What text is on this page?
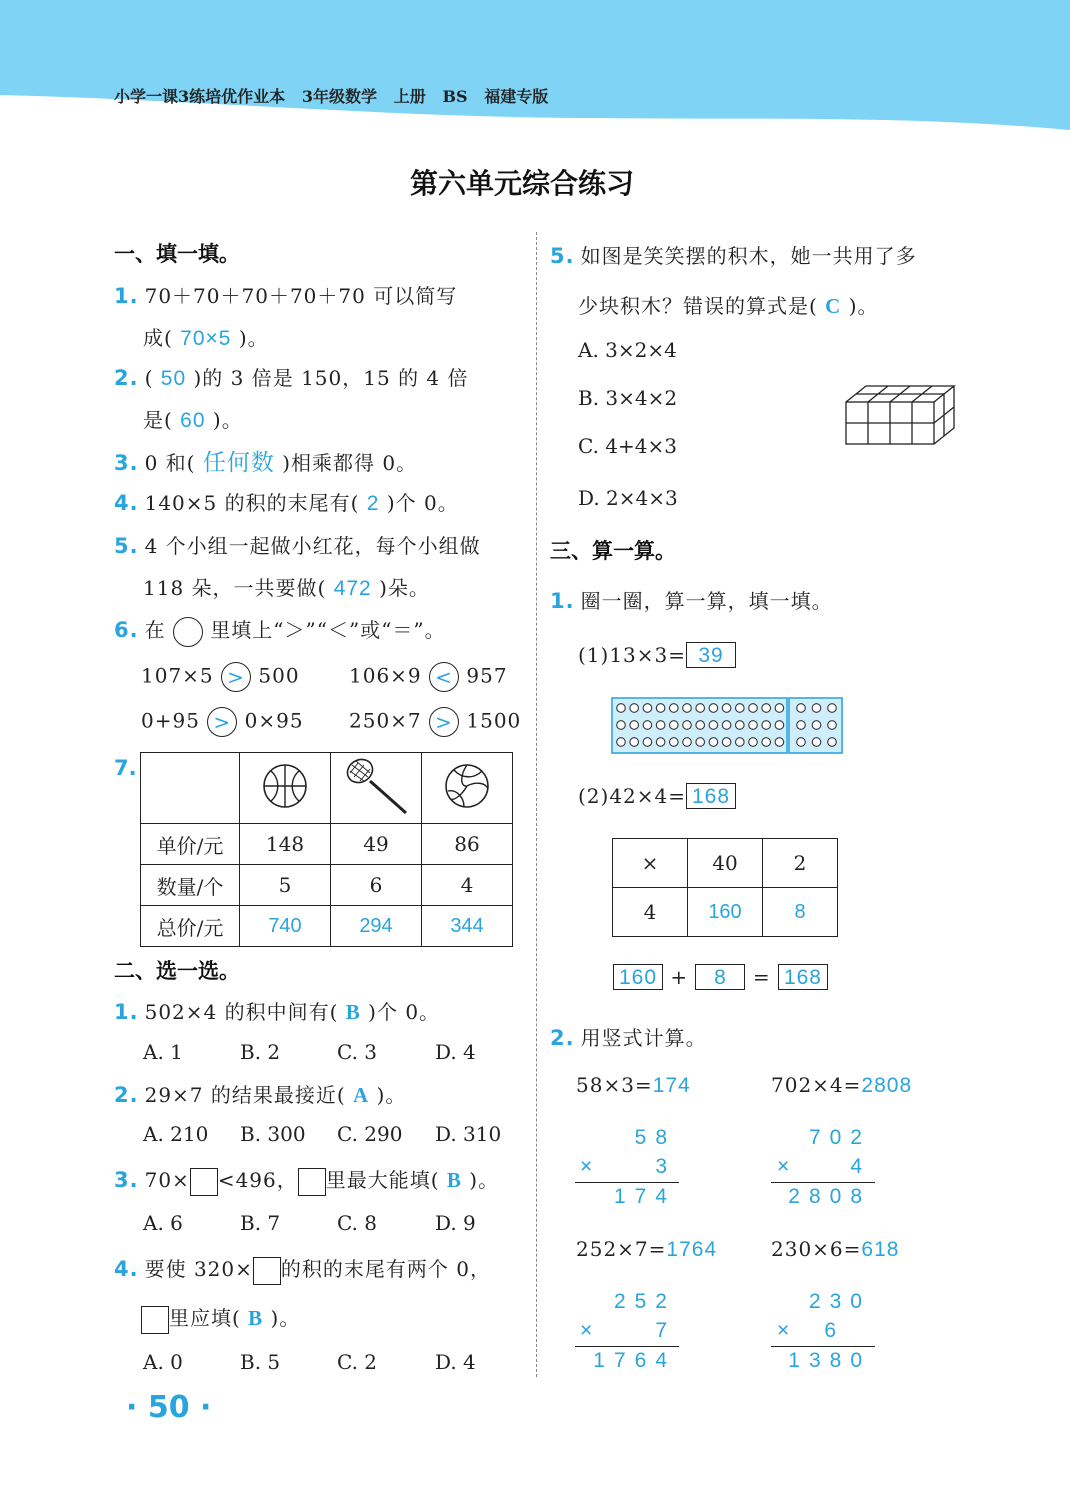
小学一课3练培优作业本 3年级数学 上册 BS 福建专版
第六单元综合练习
一、填一填。
1. 70＋70＋70＋70＋70 可以简写
成( 70×5 )。
2. ( 50 )的 3 倍是 150，15 的 4 倍
是( 60 )。
3. 0 和( 任何数 )相乘都得 0。
4. 140×5 的积的末尾有( 2 )个 0。
5. 4 个小组一起做小红花，每个小组做
118 朵，一共要做( 472 )朵。
6. 在 里填上“＞”“＜”或“＝”。
107×5 > 500 106×9 < 957
0+95 > 0×95 250×7 > 1500
7.

单价/元	148	49	86
数量/个	5	6	4
总价/元	740	294	344
二、选一选。
1. 502×4 的积中间有( B )个 0。
A. 1	B. 2	C. 3	D. 4
2. 29×7 的结果最接近( A )。
A. 210 B. 300 C. 290 D. 310
3. 70× <496， 里最大能填( B )。
A. 6	B. 7	C. 8	D. 9
4. 要使 320× 的积的末尾有两个 0，
里应填( B )。
A. 0	B. 5	C. 2	D. 4
· 50 ·
5. 如图是笑笑摆的积木，她一共用了多
少块积木？错误的算式是( C )。
A. 3×2×4
B. 3×4×2
C. 4+4×3
D. 2×4×3
三、算一算。
1. 圈一圈，算一算，填一填。
(1)13×3= 39
(2)42×4= 168
×	40	2
4	160	8
160 + 8 = 168
2. 用竖式计算。
58×3=174
58
×	3
174
702×4=2808
702
×	4
2808
252×7=1764
252
×	7
1764
230×6=618
230
×	6
1380
